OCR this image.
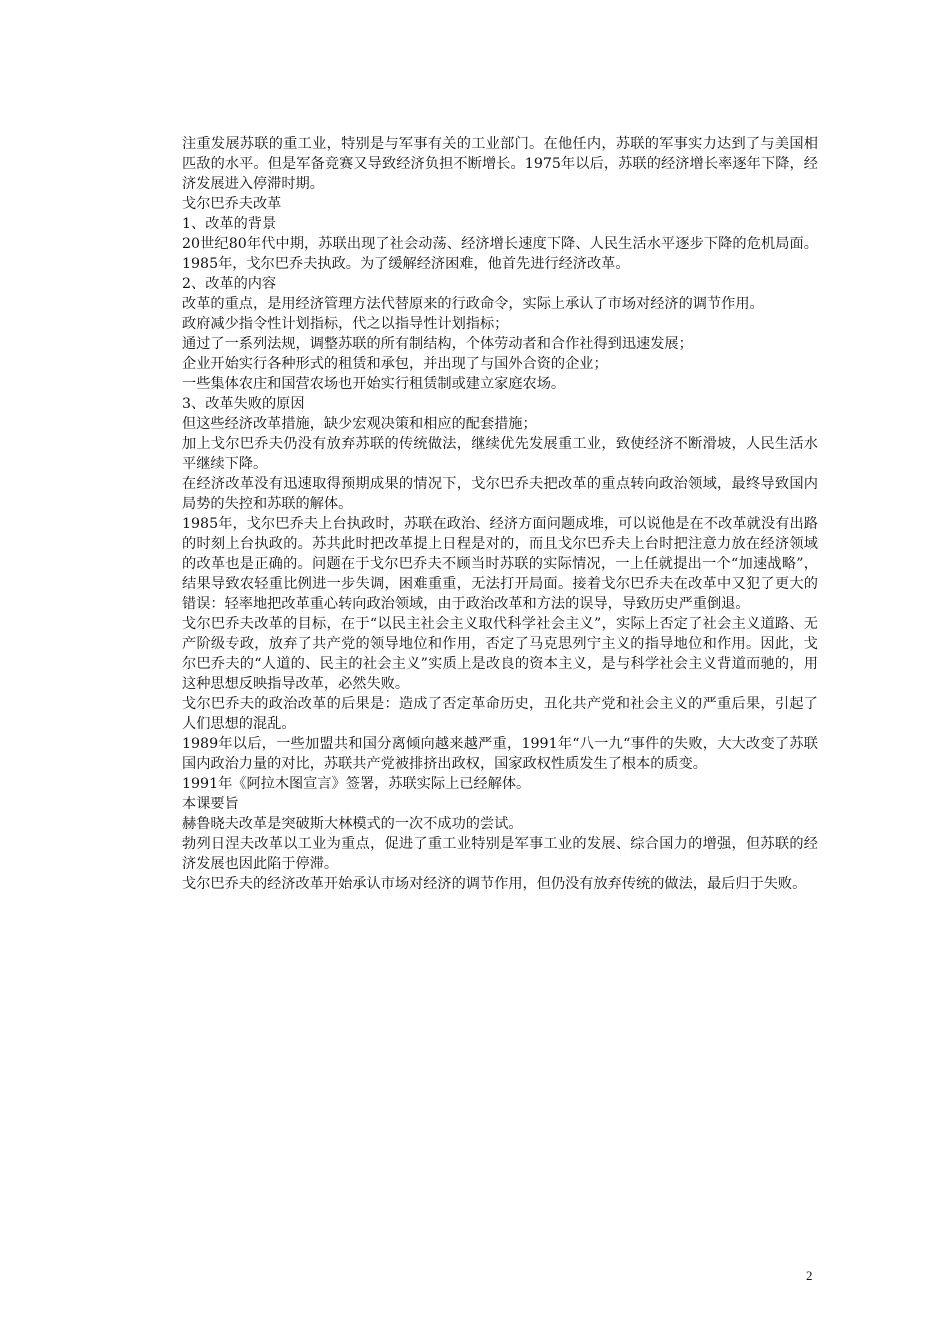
注重发展苏联的重工业，特别是与军事有关的工业部门。在他任内，苏联的军事实力达到了与美国相匹敌的水平。但是军备竞赛又导致经济负担不断增长。1975年以后，苏联的经济增长率逐年下降，经济发展进入停滞时期。

戈尔巴乔夫改革

1、改革的背景

20世纪80年代中期，苏联出现了社会动荡、经济增长速度下降、人民生活水平逐步下降的危机局面。1985年，戈尔巴乔夫执政。为了缓解经济困难，他首先进行经济改革。

2、改革的内容

改革的重点，是用经济管理方法代替原来的行政命令，实际上承认了市场对经济的调节作用。

政府减少指令性计划指标，代之以指导性计划指标；

通过了一系列法规，调整苏联的所有制结构，个体劳动者和合作社得到迅速发展；

企业开始实行各种形式的租赁和承包，并出现了与国外合资的企业；

一些集体农庄和国营农场也开始实行租赁制或建立家庭农场。

3、改革失败的原因

但这些经济改革措施，缺少宏观决策和相应的配套措施；

加上戈尔巴乔夫仍没有放弃苏联的传统做法，继续优先发展重工业，致使经济不断滑坡，人民生活水平继续下降。

在经济改革没有迅速取得预期成果的情况下，戈尔巴乔夫把改革的重点转向政治领域，最终导致国内局势的失控和苏联的解体。

1985年，戈尔巴乔夫上台执政时，苏联在政治、经济方面问题成堆，可以说他是在不改革就没有出路的时刻上台执政的。苏共此时把改革提上日程是对的，而且戈尔巴乔夫上台时把注意力放在经济领域的改革也是正确的。问题在于戈尔巴乔夫不顾当时苏联的实际情况，一上任就提出一个“加速战略”，结果导致农轻重比例进一步失调，困难重重，无法打开局面。接着戈尔巴乔夫在改革中又犯了更大的错误：轻率地把改革重心转向政治领域，由于政治改革和方法的误导，导致历史严重倒退。

戈尔巴乔夫改革的目标，在于“以民主社会主义取代科学社会主义”，实际上否定了社会主义道路、无产阶级专政，放弃了共产党的领导地位和作用，否定了马克思列宁主义的指导地位和作用。因此，戈尔巴乔夫的“人道的、民主的社会主义”实质上是改良的资本主义，是与科学社会主义背道而驰的，用这种思想反映指导改革，必然失败。

戈尔巴乔夫的政治改革的后果是：造成了否定革命历史，丑化共产党和社会主义的严重后果，引起了人们思想的混乱。

1989年以后，一些加盟共和国分离倾向越来越严重，1991年“八一九“事件的失败，大大改变了苏联国内政治力量的对比，苏联共产党被排挤出政权，国家政权性质发生了根本的质变。

1991年《阿拉木图宣言》签署，苏联实际上已经解体。

本课要旨

赫鲁晓夫改革是突破斯大林模式的一次不成功的尝试。

勃列日涅夫改革以工业为重点，促进了重工业特别是军事工业的发展、综合国力的增强，但苏联的经济发展也因此陷于停滞。

戈尔巴乔夫的经济改革开始承认市场对经济的调节作用，但仍没有放弃传统的做法，最后归于失败。

2
